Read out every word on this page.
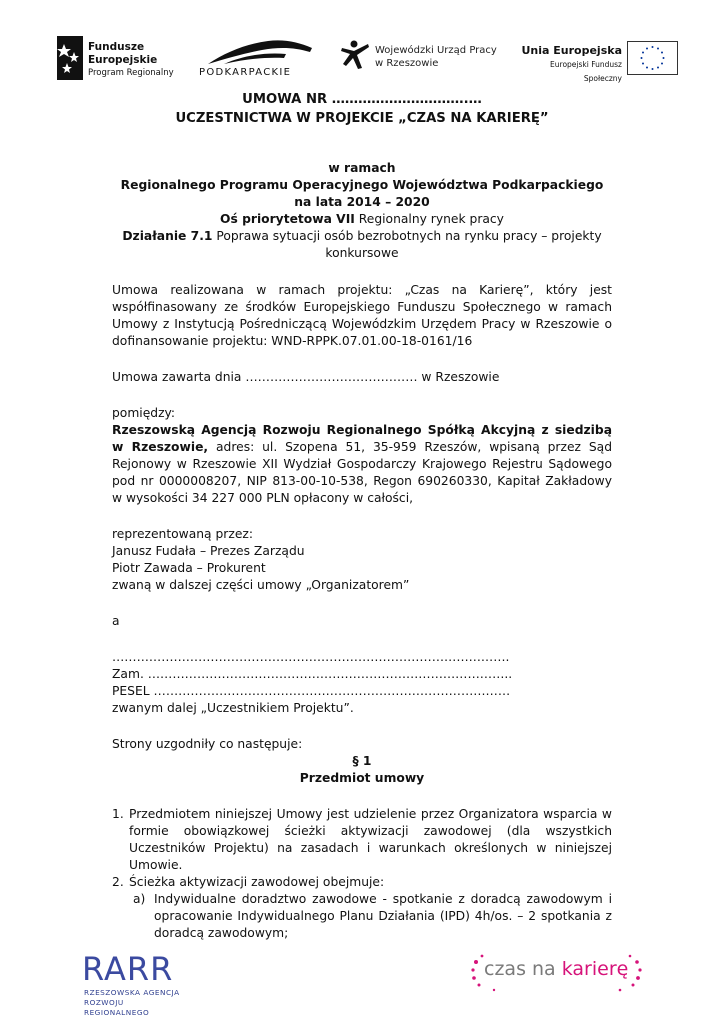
Fundusze
Europejskie
Program Regionalny	PODKARPACKIE
Wojewódzki Urząd Pracy
w Rzeszowie
Unia Europejska
Europejski Fundusz Społeczny

UMOWA NR ………………………….…

UCZESTNICTWA W PROJEKCIE „CZAS NA KARIERĘ”

w ramach

Regionalnego Programu Operacyjnego Województwa Podkarpackiego

na lata 2014 – 2020

Oś priorytetowa VII Regionalny rynek pracy

Działanie 7.1 Poprawa sytuacji osób bezrobotnych na rynku pracy – projekty konkursowe

Umowa realizowana w ramach projektu: „Czas na Karierę”, który jest współfinasowany ze środków Europejskiego Funduszu Społecznego w ramach Umowy z Instytucją Pośredniczącą Wojewódzkim Urzędem Pracy w Rzeszowie o dofinansowanie projektu: WND-RPPK.07.01.00-18-0161/16

Umowa zawarta dnia …………………………………… w Rzeszowie

pomiędzy:

Rzeszowską Agencją Rozwoju Regionalnego Spółką Akcyjną z siedzibą w Rzeszowie, adres: ul. Szopena 51, 35-959 Rzeszów, wpisaną przez Sąd Rejonowy w Rzeszowie XII Wydział Gospodarczy Krajowego Rejestru Sądowego pod nr 0000008207, NIP 813-00-10-538, Regon 690260330, Kapitał Zakładowy w wysokości 34 227 000 PLN opłacony w całości,

reprezentowaną przez:

Janusz Fudała – Prezes Zarządu

Piotr Zawada – Prokurent

zwaną w dalszej części umowy „Organizatorem”

a

…………………………………………………………………………………….

Zam. ……………………………………………………………………………..

PESEL ……………………………………………………………………………

zwanym dalej „Uczestnikiem Projektu”.

Strony uzgodniły co następuje:

§ 1

Przedmiot umowy

1. Przedmiotem niniejszej Umowy jest udzielenie przez Organizatora wsparcia w formie obowiązkowej ścieżki aktywizacji zawodowej (dla wszystkich Uczestników Projektu) na zasadach i warunkach określonych w niniejszej Umowie.
2. Ścieżka aktywizacji zawodowej obejmuje:
a) Indywidualne doradztwo zawodowe - spotkanie z doradcą zawodowym i opracowanie Indywidualnego Planu Działania (IPD) 4h/os. – 2 spotkania z doradcą zawodowym;
RARR
RZESZOWSKA AGENCJA
ROZWOJU REGIONALNEGO
czas na karierę
